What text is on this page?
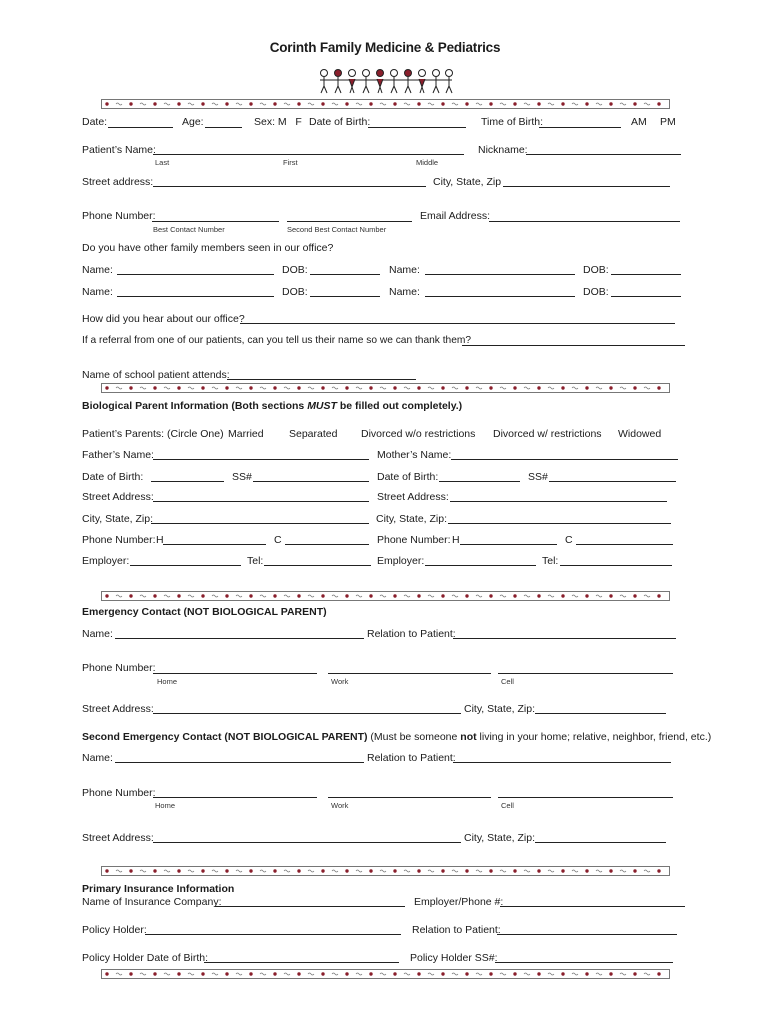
Corinth Family Medicine & Pediatrics
Date:	Age:	Sex: M   F Date of Birth:	Time of Birth:	AM PM
Patient’s Name:	Nickname:
Last	First	Middle
Street address:	City, State, Zip
Phone Number:
Best Contact Number	Second Best Contact Number
Email Address:
Do you have other family members seen in our office?
Name:	DOB:	Name:	DOB:
Name:	DOB:	Name:	DOB:
How did you hear about our office?
If a referral from one of our patients, can you tell us their name so we can thank them?
Name of school patient attends:
Biological Parent Information (Both sections MUST be filled out completely.)
Patient’s Parents: (Circle One) Married Separated Divorced w/o restrictions Divorced w/ restrictions Widowed
Father’s Name:	Mother’s Name:
Date of Birth:	SS#	Date of Birth:	SS#
Street Address:	Street Address:
City, State, Zip:	City, State, Zip:
Phone Number: H	C	Phone Number: H	C
Employer:	Tel:	Employer:	Tel:
Emergency Contact (NOT BIOLOGICAL PARENT)
Name:	Relation to Patient:
Phone Number:
Home	Work	Cell
Street Address:	City, State, Zip:
Second Emergency Contact (NOT BIOLOGICAL PARENT) (Must be someone not living in your home; relative, neighbor, friend, etc.)
Name:	Relation to Patient:
Phone Number:
Home	Work	Cell
Street Address:	City, State, Zip:
Primary Insurance Information
Name of Insurance Company:	Employer/Phone #:
Policy Holder:	Relation to Patient:
Policy Holder Date of Birth:	Policy Holder SS#:
